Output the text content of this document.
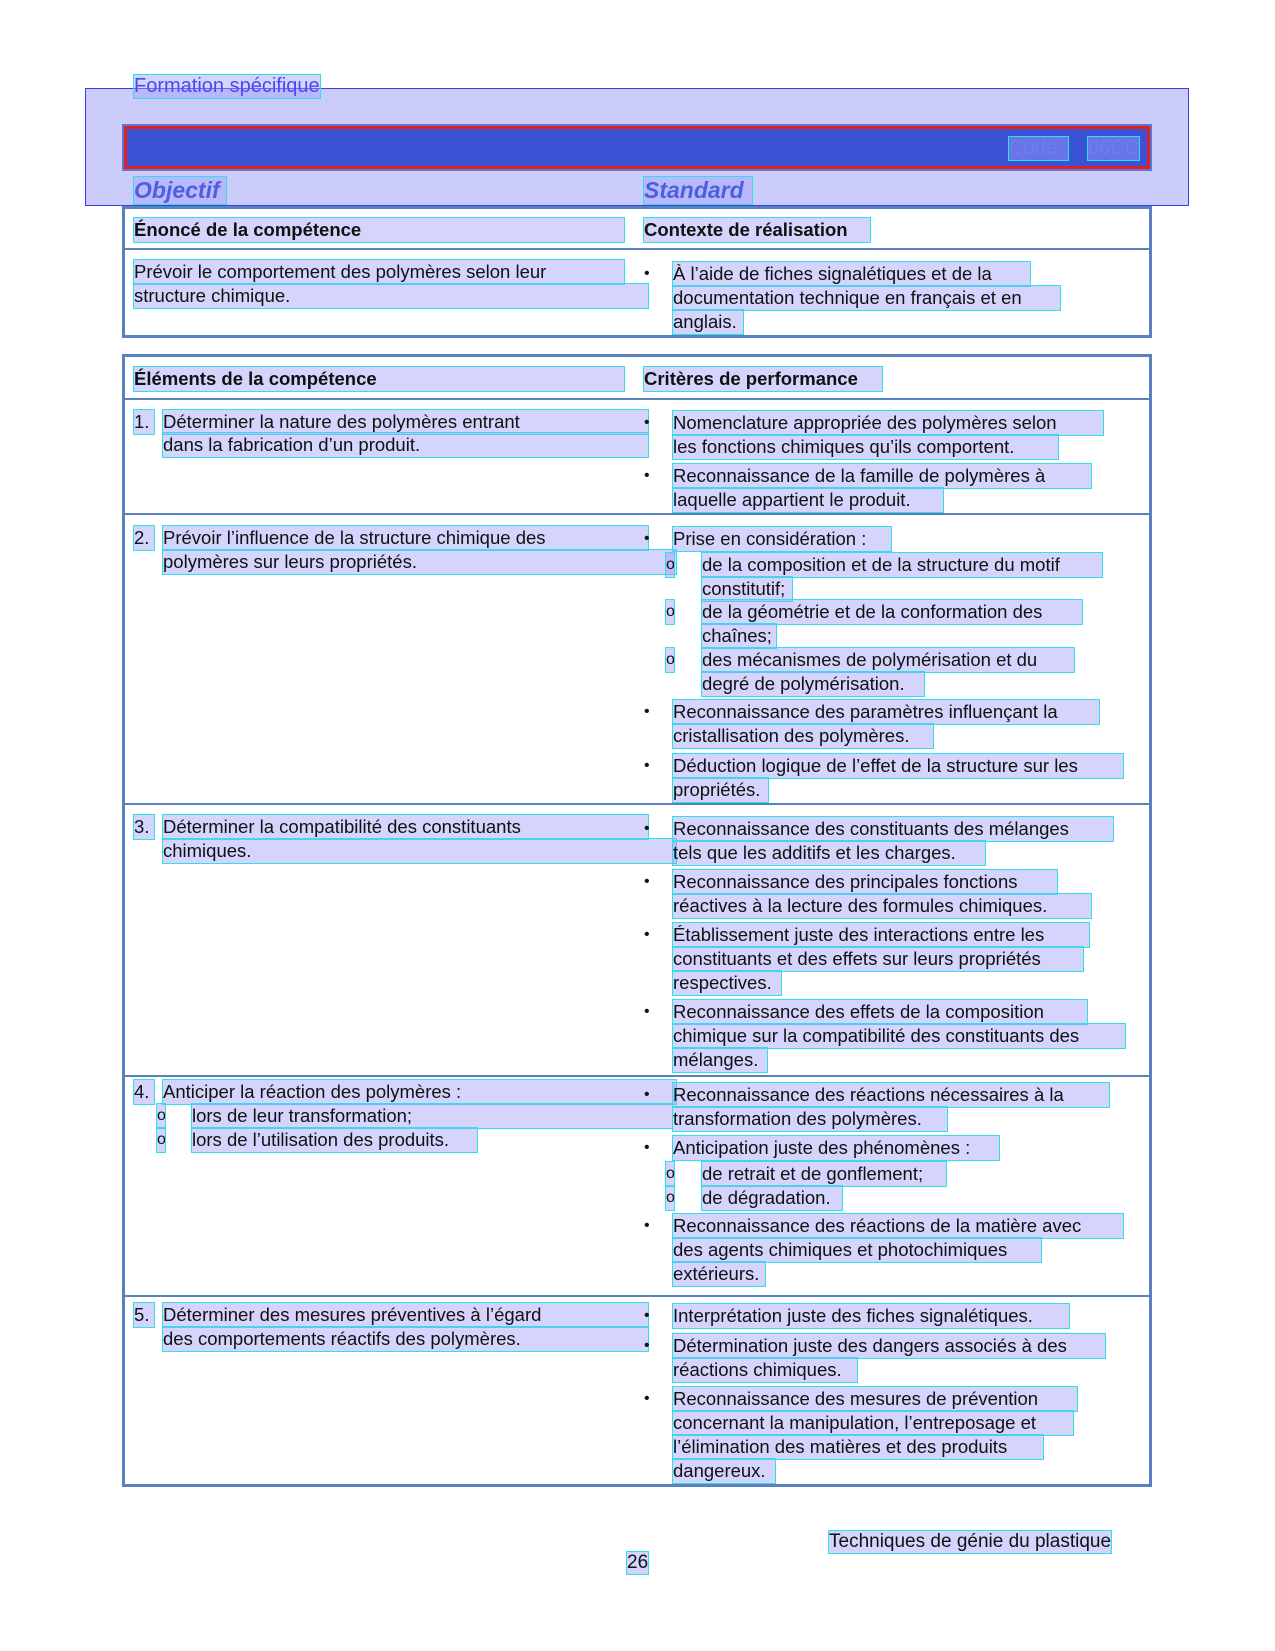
Formation spécifique
Code : 06CC
Objectif	Standard
Énoncé de la compétence	Contexte de réalisation
Prévoir le comportement des polymères selon leur
structure chimique.
• À l’aide de fiches signalétiques et de la
documentation technique en français et en
anglais.
Éléments de la compétence	Critères de performance
1. Déterminer la nature des polymères entrant
dans la fabrication d’un produit.
• Nomenclature appropriée des polymères selon
les fonctions chimiques qu’ils comportent.
• Reconnaissance de la famille de polymères à
laquelle appartient le produit.
2. Prévoir l’influence de la structure chimique des
polymères sur leurs propriétés.
• Prise en considération :
o de la composition et de la structure du motif
constitutif;
o de la géométrie et de la conformation des
chaînes;
o des mécanismes de polymérisation et du
degré de polymérisation.
• Reconnaissance des paramètres influençant la
cristallisation des polymères.
• Déduction logique de l’effet de la structure sur les
propriétés.
3. Déterminer la compatibilité des constituants
chimiques.
• Reconnaissance des constituants des mélanges
tels que les additifs et les charges.
• Reconnaissance des principales fonctions
réactives à la lecture des formules chimiques.
• Établissement juste des interactions entre les
constituants et des effets sur leurs propriétés
respectives.
• Reconnaissance des effets de la composition
chimique sur la compatibilité des constituants des
mélanges.
4. Anticiper la réaction des polymères :
o lors de leur transformation;
o lors de l’utilisation des produits.
• Reconnaissance des réactions nécessaires à la
transformation des polymères.
• Anticipation juste des phénomènes :
o de retrait et de gonflement;
o de dégradation.
• Reconnaissance des réactions de la matière avec
des agents chimiques et photochimiques
extérieurs.
5. Déterminer des mesures préventives à l’égard
des comportements réactifs des polymères.
• Interprétation juste des fiches signalétiques.
• Détermination juste des dangers associés à des
réactions chimiques.
• Reconnaissance des mesures de prévention
concernant la manipulation, l’entreposage et
l’élimination des matières et des produits
dangereux.
Techniques de génie du plastique
26
